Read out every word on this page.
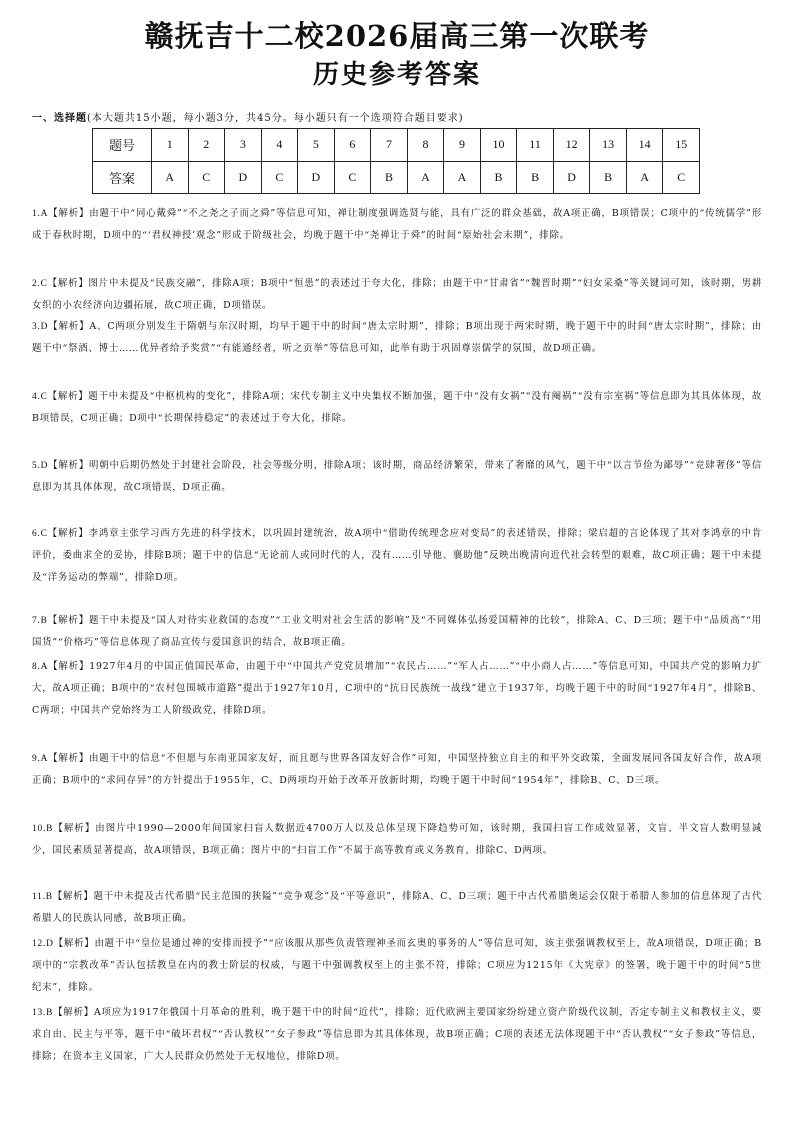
赣抚吉十二校2026届高三第一次联考
历史参考答案
一、选择题(本大题共15小题，每小题3分，共45分。每小题只有一个选项符合题目要求)
题号	1	2	3	4	5	6	7	8	9	10	11	12	13	14	15
答案	A	C	D	C	D	C	B	A	A	B	B	D	B	A	C

1.A【解析】由题干中“同心戴舜”“不之尧之子而之舜”等信息可知，禅让制度强调选贤与能，具有广泛的群众基础，故A项正确，B项错误；C项中的“传统儒学”形成于春秋时期，D项中的“‘君权神授’观念”形成于阶级社会，均晚于题干中“尧禅让于舜”的时间“原始社会末期”，排除。

2.C【解析】图片中未提及“民族交融”，排除A项；B项中“恒患”的表述过于夸大化，排除；由题干中“甘肃省”“魏晋时期”“妇女采桑”等关键词可知，该时期，男耕女织的小农经济向边疆拓展，故C项正确，D项错误。

3.D【解析】A、C两项分别发生于隋朝与东汉时期，均早于题干中的时间“唐太宗时期”，排除；B项出现于两宋时期，晚于题干中的时间“唐太宗时期”，排除；由题干中“祭酒、博士……优异者给予奖赏”“有能通经者，听之贡举”等信息可知，此举有助于巩固尊崇儒学的氛围，故D项正确。

4.C【解析】题干中未提及“中枢机构的变化”，排除A项；宋代专制主义中央集权不断加强，题干中“没有女祸”“没有阉祸”“没有宗室祸”等信息即为其具体体现，故B项错误，C项正确；D项中“长期保持稳定”的表述过于夸大化，排除。

5.D【解析】明朝中后期仍然处于封建社会阶段，社会等级分明，排除A项；该时期，商品经济繁荣，带来了奢靡的风气，题干中“以言节俭为鄙辱”“竞肆奢侈”等信息即为其具体体现，故C项错误，D项正确。

6.C【解析】李鸿章主张学习西方先进的科学技术，以巩固封建统治，故A项中“借助传统理念应对变局”的表述错误，排除；梁启超的言论体现了其对李鸿章的中肯评价，委曲求全的妥协，排除B项；题干中的信息“无论前人或同时代的人，没有……引导他、襄助他”反映出晚清向近代社会转型的艰难，故C项正确；题干中未提及“洋务运动的弊端”，排除D项。

7.B【解析】题干中未提及“国人对待实业救国的态度”“工业文明对社会生活的影响”及“不同媒体弘扬爱国精神的比较”，排除A、C、D三项；题干中“品质高”“用国货”“价格巧”等信息体现了商品宣传与爱国意识的结合，故B项正确。

8.A【解析】1927年4月的中国正值国民革命，由题干中“中国共产党党员增加”“农民占……”“军人占……”“中小商人占……”等信息可知，中国共产党的影响力扩大，故A项正确；B项中的“农村包围城市道路”提出于1927年10月，C项中的“抗日民族统一战线”建立于1937年，均晚于题干中的时间“1927年4月”，排除B、C两项；中国共产党始终为工人阶级政党，排除D项。

9.A【解析】由题干中的信息“不但愿与东南亚国家友好，而且愿与世界各国友好合作”可知，中国坚持独立自主的和平外交政策，全面发展同各国友好合作，故A项正确；B项中的“求同存异”的方针提出于1955年，C、D两项均开始于改革开放新时期，均晚于题干中时间“1954年”，排除B、C、D三项。

10.B【解析】由图片中1990—2000年间国家扫盲人数据近4700万人以及总体呈现下降趋势可知，该时期，我国扫盲工作成效显著，文盲、半文盲人数明显减少，国民素质显著提高，故A项错误，B项正确；图片中的“扫盲工作”不属于高等教育或义务教育，排除C、D两项。

11.B【解析】题干中未提及古代希腊“民主范围的狭隘”“竞争观念”及“平等意识”，排除A、C、D三项；题干中古代希腊奥运会仅限于希腊人参加的信息体现了古代希腊人的民族认同感，故B项正确。

12.D【解析】由题干中“皇位是通过神的安排而授予”“应该服从那些负责管理神圣而玄奥的事务的人”等信息可知，该主张强调教权至上，故A项错误，D项正确；B项中的“宗教改革”否认包括教皇在内的教士阶层的权威，与题干中强调教权至上的主张不符，排除；C项应为1215年《大宪章》的签署，晚于题干中的时间“5世纪末”，排除。

13.B【解析】A项应为1917年俄国十月革命的胜利，晚于题干中的时间“近代”，排除；近代欧洲主要国家纷纷建立资产阶级代议制，否定专制主义和教权主义，要求自由、民主与平等，题干中“破坏君权”“否认教权”“女子参政”等信息即为其具体体现，故B项正确；C项的表述无法体现题干中“否认教权”“女子参政”等信息，排除；在资本主义国家，广大人民群众仍然处于无权地位，排除D项。
